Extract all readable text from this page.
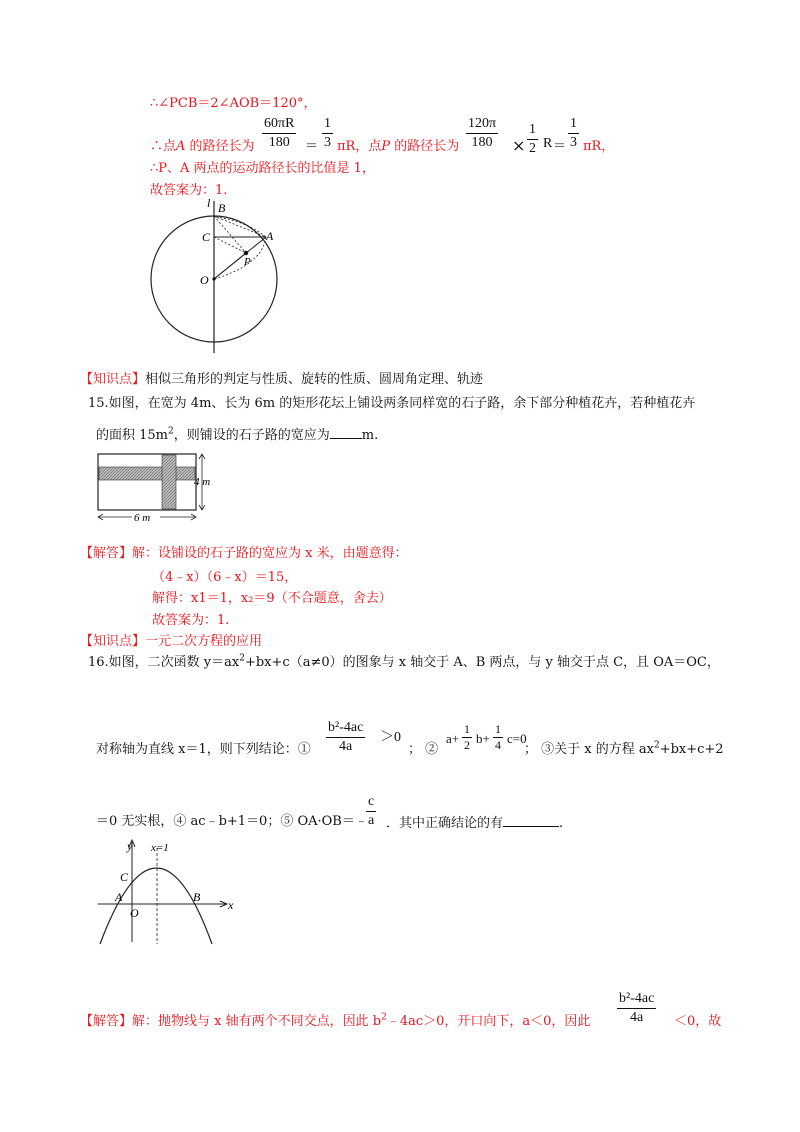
∴∠PCB＝2∠AOB＝120°，
∴点A 的路径长为 $\frac{60\pi R}{180} = \frac{1}{3}$ πR，点P 的路径长为 $\frac{120\pi}{180} \times \frac{1}{2}$ R $\frac{1}{3}$
＝ πR，
∴P、A 两点的运动路径长的比值是 1，
故答案为：1.
l B
C	A
P
O
【知识点】相似三角形的判定与性质、旋转的性质、圆周角定理、轨迹
15.如图，在宽为 4m、长为 6m 的矩形花坛上铺设两条同样宽的石子路，余下部分种植花卉，若种植花卉
的面积 $15m^2$，则铺设的石子路的宽应为 m.
4 m
6 m
【解答】解：设铺设的石子路的宽应为 x 米，由题意得：
（4﹣x）（6﹣x）＝15，
解得：x1＝1，x₂＝9（不合题意，舍去）
故答案为：1.
【知识点】一元二次方程的应用
16.如图，二次函数 $y=ax^2+bx+c(a\ne 0)$的图象与 x 轴交于 A、B 两点，与 y 轴交于点 C，且 OA＝OC，
$\frac{\text{b²-4ac}}{4a} >0$	$a+ \frac{1}{2} b+ \frac{1}{4} c=0$
对称轴为直线 x＝1，则下列结论：①	； ②	； ③关于 x 的方程 $ax^2+bx+c+2$
$\frac{c}{a}$
＝0 无实根，④ ac﹣b+1＝0；⑤ OA·OB＝﹣ ．其中正确结论的有	.
y x=1
C
A	B
O
x
$\frac{\text{b²-4ac}}{4a}$
【解答】解：抛物线与 x 轴有两个不同交点，因此 $b^2﹣4ac>0$，开口向下，a＜0，因此	＜0，故
